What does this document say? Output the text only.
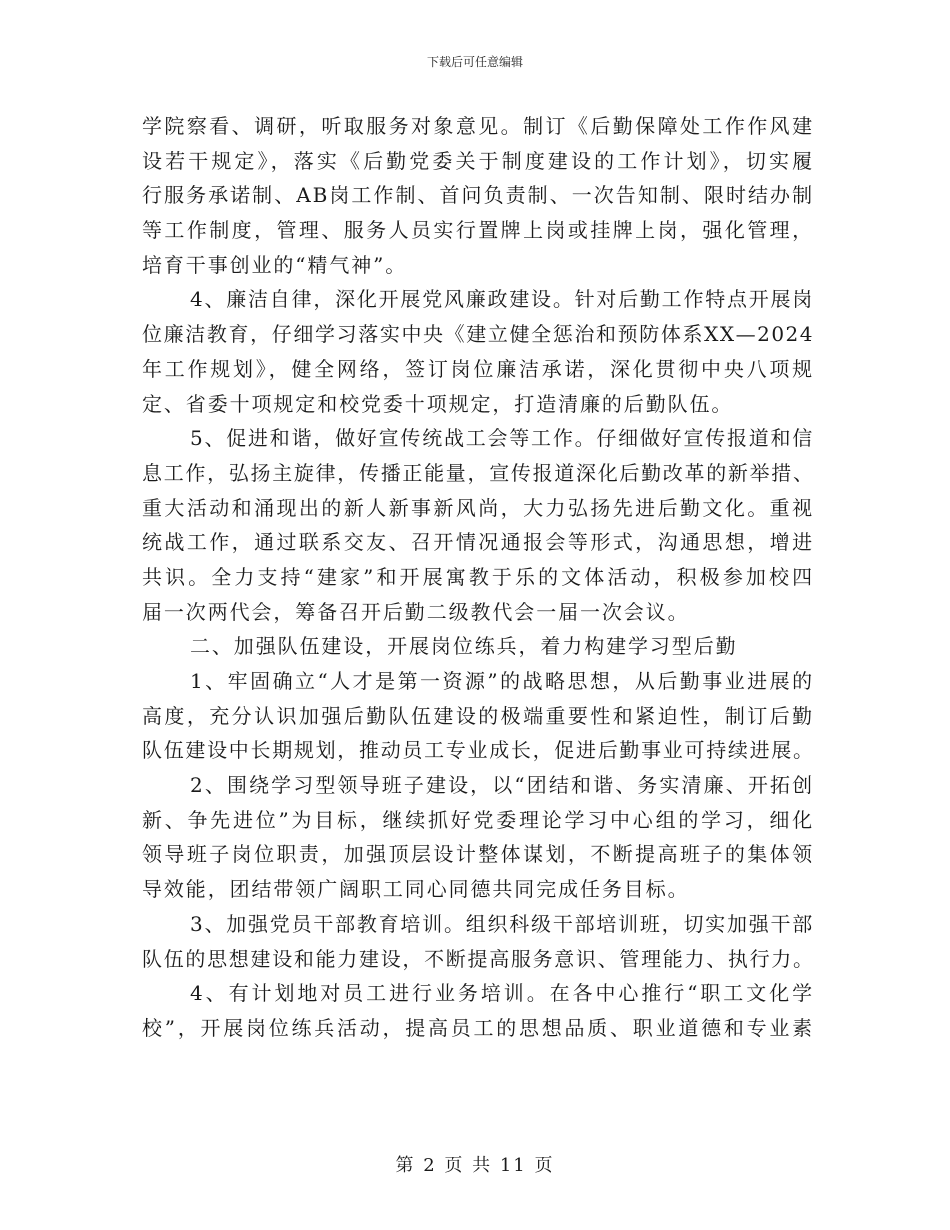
下载后可任意编辑
学院察看、调研，听取服务对象意见。制订《后勤保障处工作作风建
设若干规定》，落实《后勤党委关于制度建设的工作计划》，切实履
行服务承诺制、AB岗工作制、首问负责制、一次告知制、限时结办制
等工作制度，管理、服务人员实行置牌上岗或挂牌上岗，强化管理，
培育干事创业的“精气神”。
4、廉洁自律，深化开展党风廉政建设。针对后勤工作特点开展岗
位廉洁教育，仔细学习落实中央《建立健全惩治和预防体系XX—2024
年工作规划》，健全网络，签订岗位廉洁承诺，深化贯彻中央八项规
定、省委十项规定和校党委十项规定，打造清廉的后勤队伍。
5、促进和谐，做好宣传统战工会等工作。仔细做好宣传报道和信
息工作，弘扬主旋律，传播正能量，宣传报道深化后勤改革的新举措、
重大活动和涌现出的新人新事新风尚，大力弘扬先进后勤文化。重视
统战工作，通过联系交友、召开情况通报会等形式，沟通思想，增进
共识。全力支持“建家”和开展寓教于乐的文体活动，积极参加校四
届一次两代会，筹备召开后勤二级教代会一届一次会议。
二、加强队伍建设，开展岗位练兵，着力构建学习型后勤
1、牢固确立“人才是第一资源”的战略思想，从后勤事业进展的
高度，充分认识加强后勤队伍建设的极端重要性和紧迫性，制订后勤
队伍建设中长期规划，推动员工专业成长，促进后勤事业可持续进展。
2、围绕学习型领导班子建设，以“团结和谐、务实清廉、开拓创
新、争先进位”为目标，继续抓好党委理论学习中心组的学习，细化
领导班子岗位职责，加强顶层设计整体谋划，不断提高班子的集体领
导效能，团结带领广阔职工同心同德共同完成任务目标。
3、加强党员干部教育培训。组织科级干部培训班，切实加强干部
队伍的思想建设和能力建设，不断提高服务意识、管理能力、执行力。
4、有计划地对员工进行业务培训。在各中心推行“职工文化学
校”，开展岗位练兵活动，提高员工的思想品质、职业道德和专业素
第 2 页 共 11 页
